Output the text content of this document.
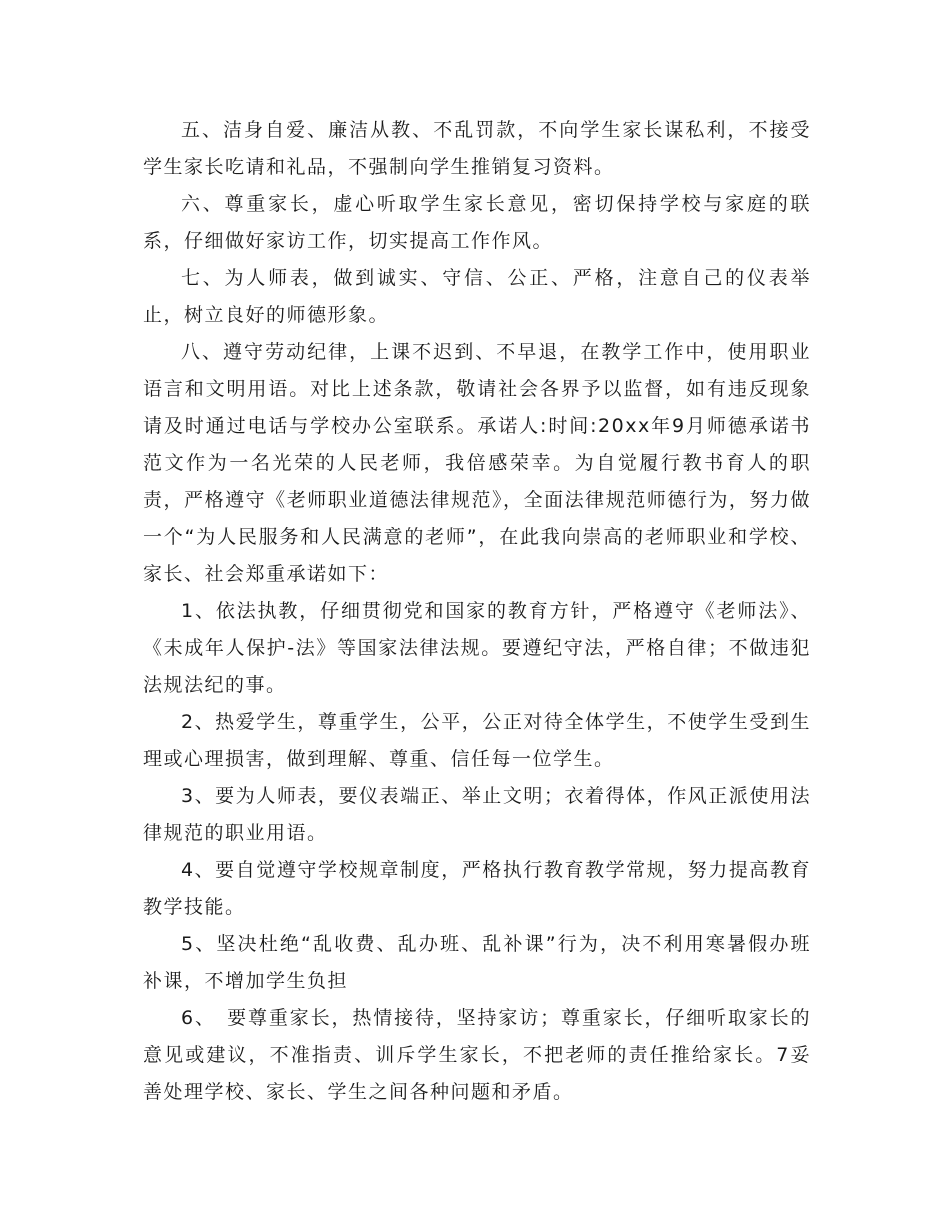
五、洁身自爱、廉洁从教、不乱罚款，不向学生家长谋私利，不接受学生家长吃请和礼品，不强制向学生推销复习资料。

六、尊重家长，虚心听取学生家长意见，密切保持学校与家庭的联系，仔细做好家访工作，切实提高工作作风。

七、为人师表，做到诚实、守信、公正、严格，注意自己的仪表举止，树立良好的师德形象。

八、遵守劳动纪律，上课不迟到、不早退，在教学工作中，使用职业语言和文明用语。对比上述条款，敬请社会各界予以监督，如有违反现象请及时通过电话与学校办公室联系。承诺人:时间:20xx年9月师德承诺书范文作为一名光荣的人民老师，我倍感荣幸。为自觉履行教书育人的职责，严格遵守《老师职业道德法律规范》，全面法律规范师德行为，努力做一个“为人民服务和人民满意的老师”，在此我向崇高的老师职业和学校、家长、社会郑重承诺如下：

1、依法执教，仔细贯彻党和国家的教育方针，严格遵守《老师法》、《未成年人保护-法》等国家法律法规。要遵纪守法，严格自律；不做违犯法规法纪的事。

2、热爱学生，尊重学生，公平，公正对待全体学生，不使学生受到生理或心理损害，做到理解、尊重、信任每一位学生。

3、要为人师表，要仪表端正、举止文明；衣着得体，作风正派使用法律规范的职业用语。

4、要自觉遵守学校规章制度，严格执行教育教学常规，努力提高教育教学技能。

5、坚决杜绝“乱收费、乱办班、乱补课”行为，决不利用寒暑假办班补课，不增加学生负担

6、　要尊重家长，热情接待，坚持家访；尊重家长，仔细听取家长的意见或建议，不准指责、训斥学生家长，不把老师的责任推给家长。7妥善处理学校、家长、学生之间各种问题和矛盾。
